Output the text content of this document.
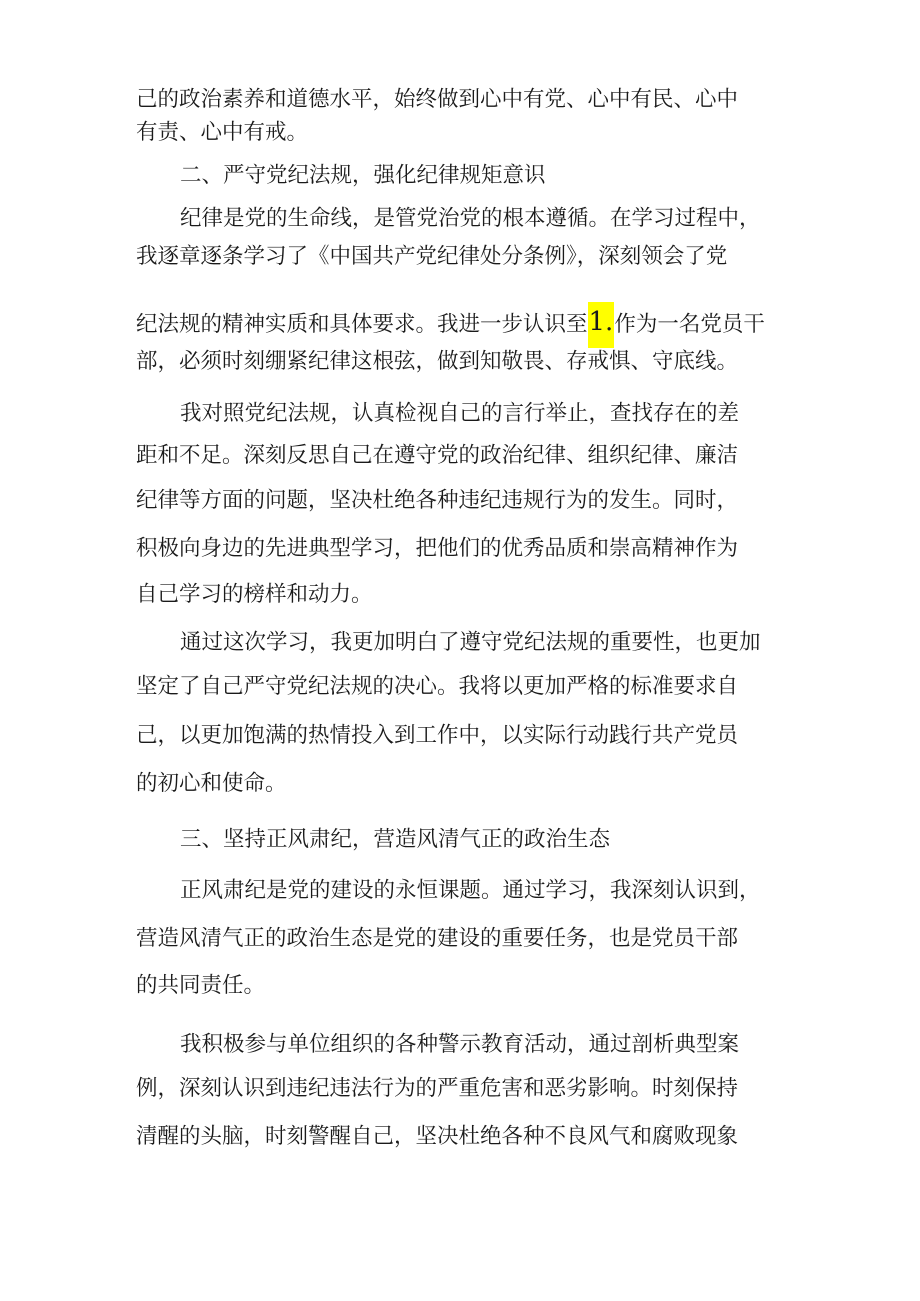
己的政治素养和道德水平，始终做到心中有党、心中有民、心中
有责、心中有戒。
二、严守党纪法规，强化纪律规矩意识
纪律是党的生命线，是管党治党的根本遵循。在学习过程中，
我逐章逐条学习了《中国共产党纪律处分条例》，深刻领会了党
纪法规的精神实质和具体要求。我进一步认识至1.作为一名党员干
部，必须时刻绷紧纪律这根弦，做到知敬畏、存戒惧、守底线。
我对照党纪法规，认真检视自己的言行举止，查找存在的差
距和不足。深刻反思自己在遵守党的政治纪律、组织纪律、廉洁
纪律等方面的问题，坚决杜绝各种违纪违规行为的发生。同时，
积极向身边的先进典型学习，把他们的优秀品质和崇高精神作为
自己学习的榜样和动力。
通过这次学习，我更加明白了遵守党纪法规的重要性，也更加
坚定了自己严守党纪法规的决心。我将以更加严格的标准要求自
己，以更加饱满的热情投入到工作中，以实际行动践行共产党员
的初心和使命。
三、坚持正风肃纪，营造风清气正的政治生态
正风肃纪是党的建设的永恒课题。通过学习，我深刻认识到，
营造风清气正的政治生态是党的建设的重要任务，也是党员干部
的共同责任。
我积极参与单位组织的各种警示教育活动，通过剖析典型案
例，深刻认识到违纪违法行为的严重危害和恶劣影响。时刻保持
清醒的头脑，时刻警醒自己，坚决杜绝各种不良风气和腐败现象
